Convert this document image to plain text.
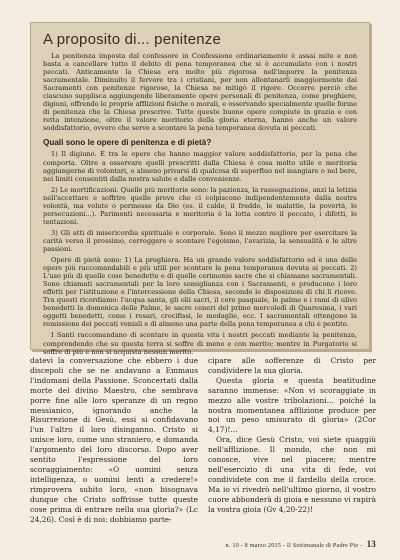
A proposito di... penitenze

La penitenza imposta dal confessore in Confessione ordinariamente è assai mite e non basta a cancellare tutto il debito di pena temporanea che si è accumulato con i nostri peccati. Anticamente la Chiesa era molto più rigorosa nell'imporre la penitenza sacramentale. Diminuito il fervore tra i cristiani, per non allontanarli maggiormente dai Sacramenti con penitenze rigorose, la Chiesa ne mitigò il rigore. Occorre perciò che ciascuno supplisca aggiungendo liberamente opere personali di penitenza, come preghiere, digiuni, offrendo le proprie afflizioni fisiche o morali, e osservando specialmente quelle forme di penitenza che la Chiesa prescrive. Tutte queste buone opere compiute in grazia e con retta intenzione, oltre il valore meritorio della gloria eterna, hanno anche un valore soddisfattorio, ovvero che serve a scontare la pena temporanea dovuta ai peccati.

Quali sono le opere di penitenza e di pietà?

1) Il digiuno. È tra le opere che hanno maggior valore soddisfattorio, per la pena che comporta. Oltre a osservare quelli prescritti dalla Chiesa è cosa molto utile e meritoria aggiungerne di volontari, o almeno privarsi di qualcosa di superfluo nel mangiare o nel bere, nei limiti consentiti dalla nostra salute e dalle convenienze.

2) Le mortificazioni. Quelle più meritorie sono: la pazienza, la rassegnazione, anzi la letizia nell'accettare e soffrire quelle prove che ci colpiscono indipendentemente dalla nostra volontà, ma volute o permesse da Dio (es. il caldo, il freddo, le malattie, la povertà, le persecuzioni...). Parimenti necessaria e meritoria è la lotta contro il peccato, i difetti, le tentazioni.

3) Gli atti di misericordia spirituale e corporale. Sono il mezzo migliore per esercitare la carità verso il prossimo, correggere e scontare l'egoismo, l'avarizia, la sensualità e le altre passioni.

Opere di pietà sono: 1) La preghiera. Ha un grande valore soddisfattorio ed è una delle opere più raccomandabili e più utili per scontare la pena temporanea dovuta ai peccati. 2) L'uso più di quelle cose benedette e di quelle cerimonie sacre che si chiamano sacramentali. Sono chiamati sacramentali per la loro somiglianza con i Sacramenti, e producono i loro effetti per l'istituzione e l'intercessione della Chiesa, secondo le disposizioni di chi li riceve. Tra questi ricordiamo: l'acqua santa, gli olii sacri, il cero pasquale, le palme e i rami di ulivo benedetti la domenica delle Palme, le sacre ceneri del primo mercoledì di Quaresima, i vari oggetti benedetti, come i rosari, crocifissi, le medaglie, ecc. I sacramentali ottengono la remissione dei peccati veniali e di almeno una parte della pena temporanea a chi è pentito.

I Santi raccomandano di scontare in questa vita i nostri peccati mediante la penitenza, comprendendo che su questa terra si soffre di meno e con merito; mentre in Purgatorio si soffre di più e non si acquista nessun merito.

datevi la conversazione che ebbero i due discepoli che se ne andavano a Emmaus l'indomani della Passione. Sconcertati dalla morte del divino Maestro, che sembrava porre fine alle loro speranze di un regno messianico, ignorando anche la Risurrezione di Gesù, essi si confidavano l'un l'altro il loro disinganno. Cristo si unisce loro, come uno straniero, e domanda l'argomento del loro discorso. Dopo aver sentito l'espressione del loro scoraggiamento: «O uomini senza intelligenza, o uomini lenti a credere!» rimprovera subito loro, «non bisognava dunque che Cristo soffrisse tutte queste cose prima di entrare nella sua gloria?» (Lc 24,26). Così è di noi: dobbiamo parte-

cipare alle sofferenze di Cristo per condividere la sua gloria.

Questa gloria e questa beatitudine saranno immense: «Non vi scoraggiate in mezzo alle vostre tribolazioni… poiché la nostra momentanea afflizione produce per noi un peso smisurato di gloria» (2Cor 4,17)!…

Ora, dice Gesù Cristo, voi siete quaggiù nell'afflizione. Il mondo, che non mi conosce, vive nel piacere; mentre nell'esercizio di una vita di fede, voi condividete con me il fardello della croce. Ma io vi rivedrò nell'ultimo giorno, il vostro cuore abbonderà di gioia e nessuno vi rapirà la vostra gioia (Gv 4,20-22)!

n. 10 - 8 marzo 2015 - Il Settimanale di Padre Pio - 13
